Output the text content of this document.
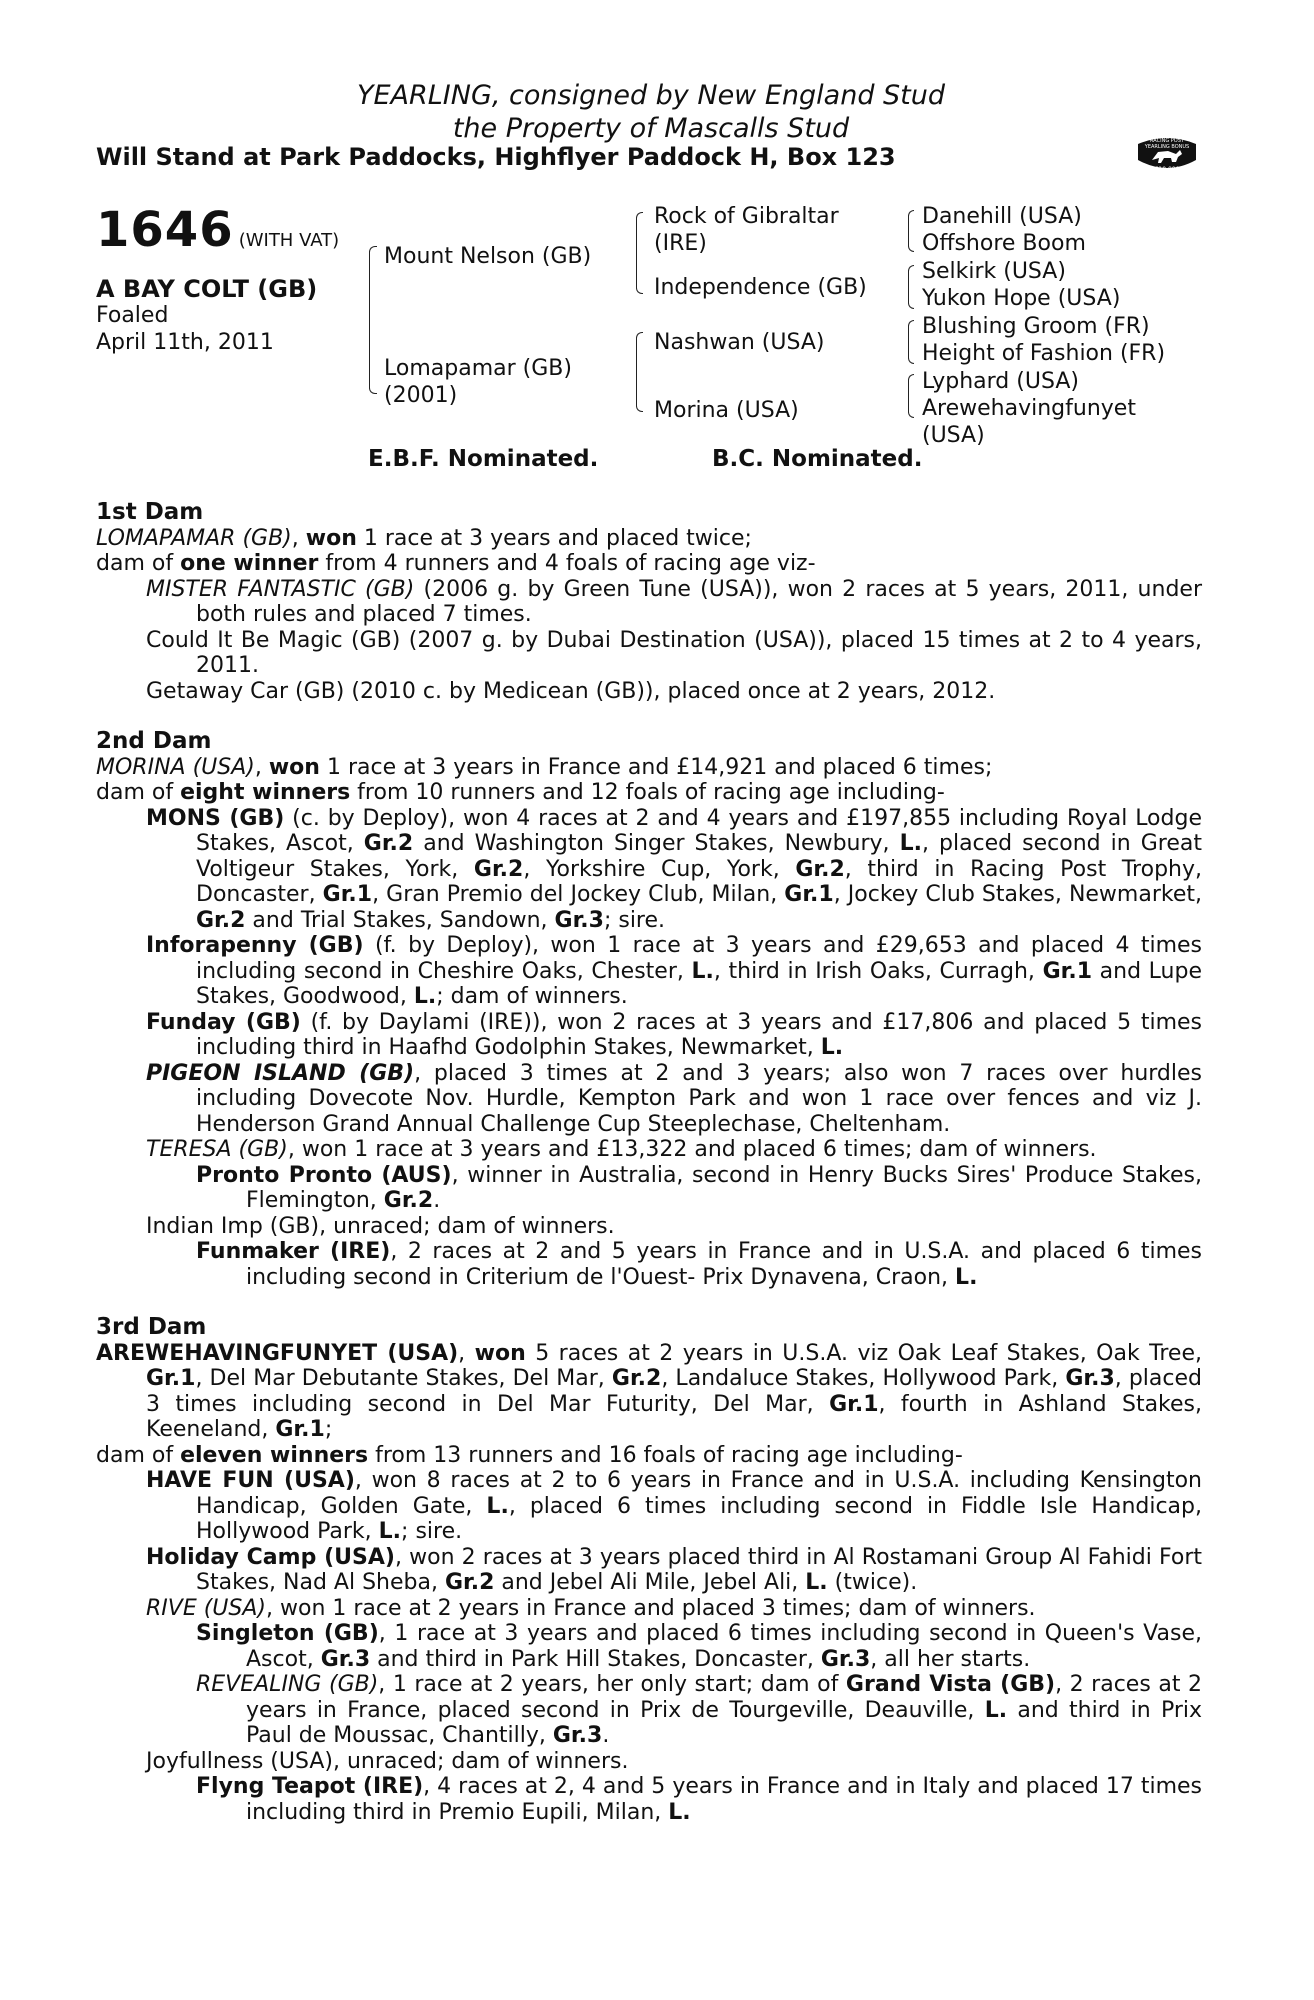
YEARLING, consigned by New England Stud
the Property of Mascalls Stud
Will Stand at Park Paddocks, Highflyer Paddock H, Box 123
RACING POST
YEARLING BONUS
£10,000
1646 (WITH VAT)
A BAY COLT (GB)
Foaled
April 11th, 2011
Mount Nelson (GB)
Lomapamar (GB)
(2001)
Rock of Gibraltar
(IRE)
Independence (GB)
Nashwan (USA)
Morina (USA)
Danehill (USA)
Offshore Boom
Selkirk (USA)
Yukon Hope (USA)
Blushing Groom (FR)
Height of Fashion (FR)
Lyphard (USA)
Arewehavingfunyet
(USA)
E.B.F. Nominated.	B.C. Nominated.
1st Dam
LOMAPAMAR (GB), won 1 race at 3 years and placed twice;
dam of one winner from 4 runners and 4 foals of racing age viz-
MISTER FANTASTIC (GB) (2006 g. by Green Tune (USA)), won 2 races at 5 years, 2011, under both rules and placed 7 times.
Could It Be Magic (GB) (2007 g. by Dubai Destination (USA)), placed 15 times at 2 to 4 years, 2011.
Getaway Car (GB) (2010 c. by Medicean (GB)), placed once at 2 years, 2012.
2nd Dam
MORINA (USA), won 1 race at 3 years in France and £14,921 and placed 6 times;
dam of eight winners from 10 runners and 12 foals of racing age including-
MONS (GB) (c. by Deploy), won 4 races at 2 and 4 years and £197,855 including Royal Lodge Stakes, Ascot, Gr.2 and Washington Singer Stakes, Newbury, L., placed second in Great Voltigeur Stakes, York, Gr.2, Yorkshire Cup, York, Gr.2, third in Racing Post Trophy, Doncaster, Gr.1, Gran Premio del Jockey Club, Milan, Gr.1, Jockey Club Stakes, Newmarket, Gr.2 and Trial Stakes, Sandown, Gr.3; sire.
Inforapenny (GB) (f. by Deploy), won 1 race at 3 years and £29,653 and placed 4 times including second in Cheshire Oaks, Chester, L., third in Irish Oaks, Curragh, Gr.1 and Lupe Stakes, Goodwood, L.; dam of winners.
Funday (GB) (f. by Daylami (IRE)), won 2 races at 3 years and £17,806 and placed 5 times including third in Haafhd Godolphin Stakes, Newmarket, L.
PIGEON ISLAND (GB), placed 3 times at 2 and 3 years; also won 7 races over hurdles including Dovecote Nov. Hurdle, Kempton Park and won 1 race over fences and viz J. Henderson Grand Annual Challenge Cup Steeplechase, Cheltenham.
TERESA (GB), won 1 race at 3 years and £13,322 and placed 6 times; dam of winners.
Pronto Pronto (AUS), winner in Australia, second in Henry Bucks Sires' Produce Stakes, Flemington, Gr.2.
Indian Imp (GB), unraced; dam of winners.
Funmaker (IRE), 2 races at 2 and 5 years in France and in U.S.A. and placed 6 times including second in Criterium de l'Ouest- Prix Dynavena, Craon, L.
3rd Dam
AREWEHAVINGFUNYET (USA), won 5 races at 2 years in U.S.A. viz Oak Leaf Stakes, Oak Tree, Gr.1, Del Mar Debutante Stakes, Del Mar, Gr.2, Landaluce Stakes, Hollywood Park, Gr.3, placed 3 times including second in Del Mar Futurity, Del Mar, Gr.1, fourth in Ashland Stakes, Keeneland, Gr.1;
dam of eleven winners from 13 runners and 16 foals of racing age including-
HAVE FUN (USA), won 8 races at 2 to 6 years in France and in U.S.A. including Kensington Handicap, Golden Gate, L., placed 6 times including second in Fiddle Isle Handicap, Hollywood Park, L.; sire.
Holiday Camp (USA), won 2 races at 3 years placed third in Al Rostamani Group Al Fahidi Fort Stakes, Nad Al Sheba, Gr.2 and Jebel Ali Mile, Jebel Ali, L. (twice).
RIVE (USA), won 1 race at 2 years in France and placed 3 times; dam of winners.
Singleton (GB), 1 race at 3 years and placed 6 times including second in Queen's Vase, Ascot, Gr.3 and third in Park Hill Stakes, Doncaster, Gr.3, all her starts.
REVEALING (GB), 1 race at 2 years, her only start; dam of Grand Vista (GB), 2 races at 2 years in France, placed second in Prix de Tourgeville, Deauville, L. and third in Prix Paul de Moussac, Chantilly, Gr.3.
Joyfullness (USA), unraced; dam of winners.
Flyng Teapot (IRE), 4 races at 2, 4 and 5 years in France and in Italy and placed 17 times including third in Premio Eupili, Milan, L.
